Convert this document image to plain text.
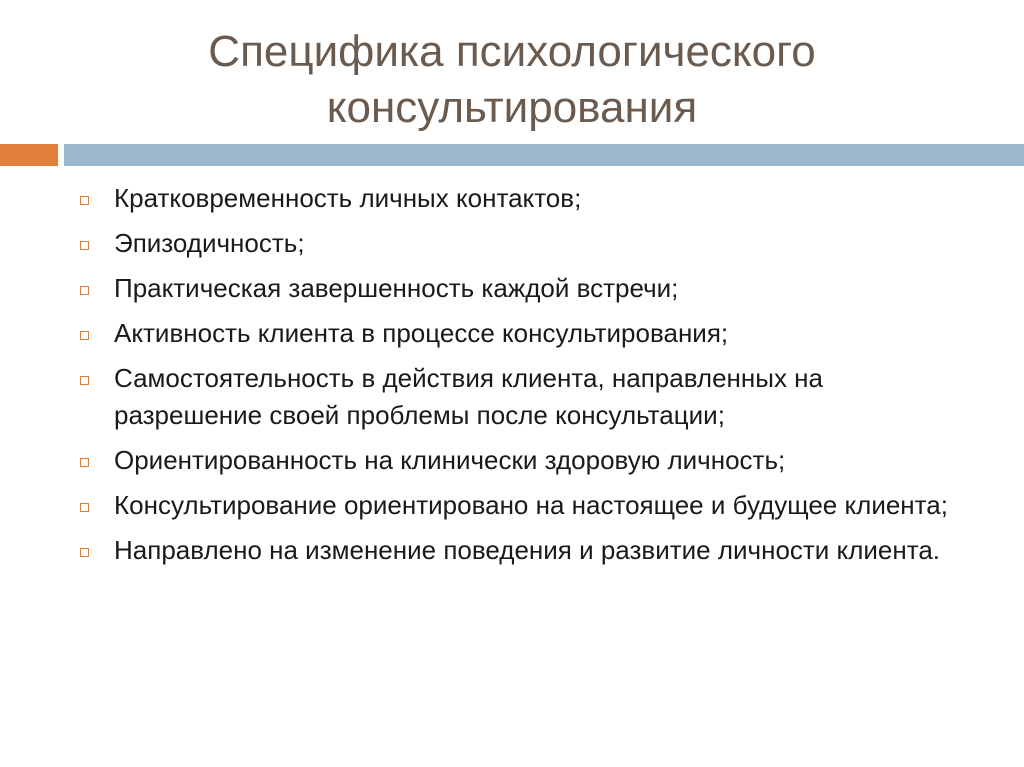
Специфика психологического
консультирования
Кратковременность личных контактов;
Эпизодичность;
Практическая завершенность каждой встречи;
Активность клиента в процессе консультирования;
Самостоятельность в действия клиента, направленных на разрешение своей проблемы после консультации;
Ориентированность на клинически здоровую личность;
Консультирование ориентировано на настоящее и будущее клиента;
Направлено на изменение поведения и развитие личности клиента.
